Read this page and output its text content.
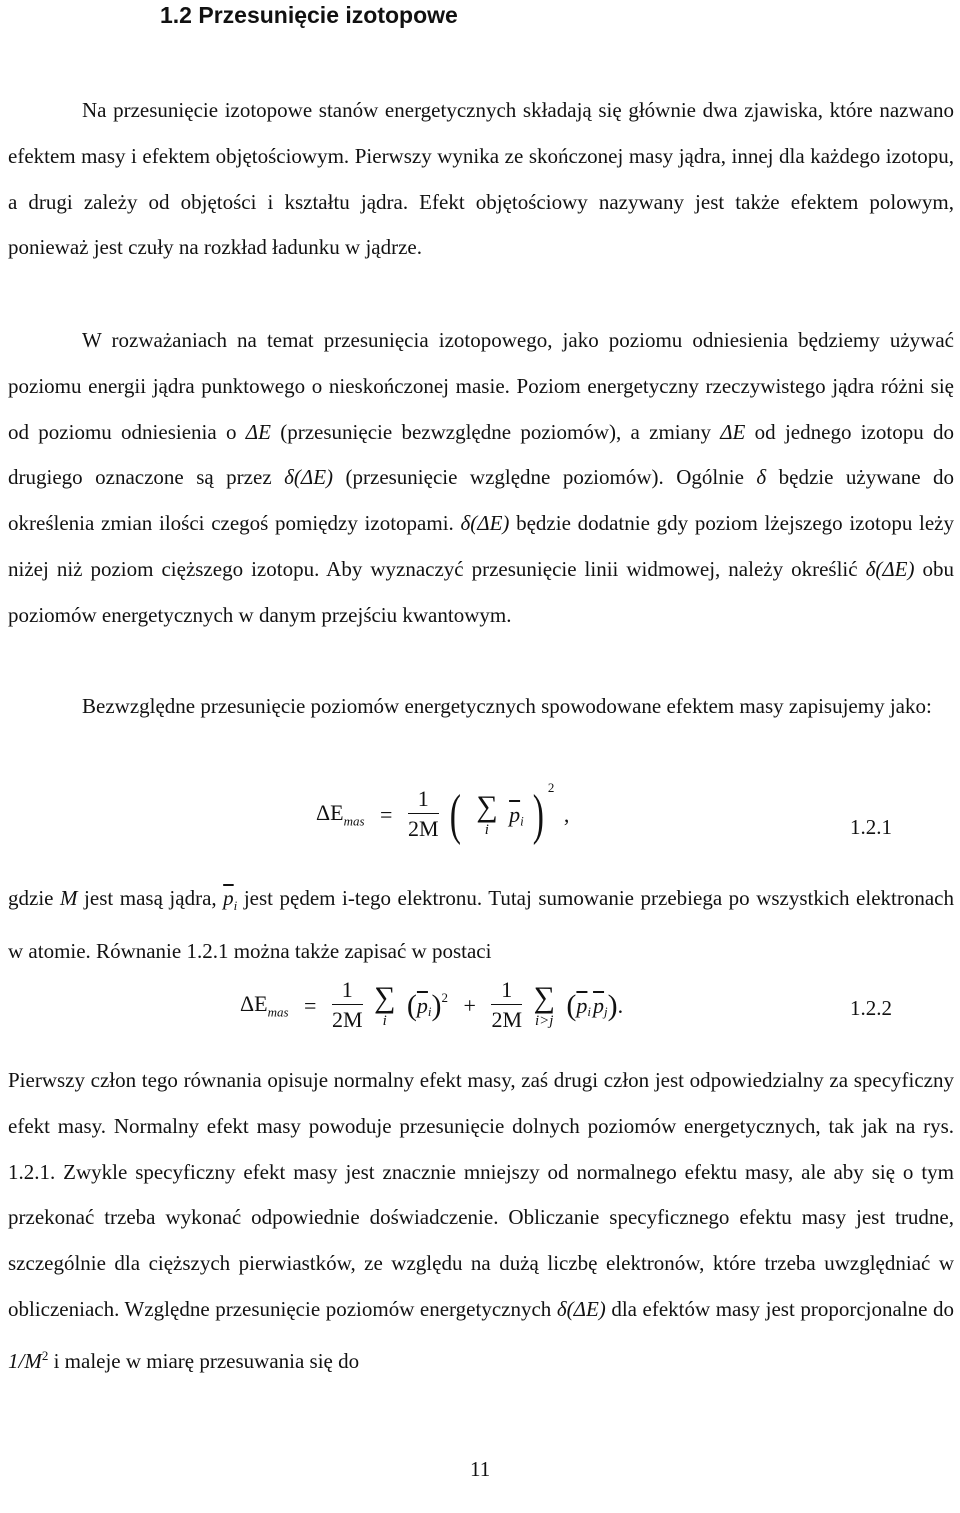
1.2 Przesunięcie izotopowe

Na przesunięcie izotopowe stanów energetycznych składają się głównie dwa zjawiska, które nazwano efektem masy i efektem objętościowym. Pierwszy wynika ze skończonej masy jądra, innej dla każdego izotopu, a drugi zależy od objętości i kształtu jądra. Efekt objętościowy nazywany jest także efektem polowym, ponieważ jest czuły na rozkład ładunku w jądrze.

W rozważaniach na temat przesunięcia izotopowego, jako poziomu odniesienia będziemy używać poziomu energii jądra punktowego o nieskończonej masie. Poziom energetyczny rzeczywistego jądra różni się od poziomu odniesienia o ΔE (przesunięcie bezwzględne poziomów), a zmiany ΔE od jednego izotopu do drugiego oznaczone są przez δ(ΔE) (przesunięcie względne poziomów). Ogólnie δ będzie używane do określenia zmian ilości czegoś pomiędzy izotopami. δ(ΔE) będzie dodatnie gdy poziom lżejszego izotopu leży niżej niż poziom cięższego izotopu. Aby wyznaczyć przesunięcie linii widmowej, należy określić δ(ΔE) obu poziomów energetycznych w danym przejściu kwantowym.

Bezwzględne przesunięcie poziomów energetycznych spowodowane efektem masy zapisujemy jako:

$\Delta E_{mas} = \frac{1}{2M}$ ( ∑
i
$\overline{p}_i$ ) $^2$ ,
1.2.1

gdzie M jest masą jądra, $\overline{p}_i$ jest pędem i-tego elektronu. Tutaj sumowanie przebiega po wszystkich elektronach w atomie. Równanie 1.2.1 można także zapisać w postaci

$\Delta E_{mas} = \frac{1}{2M}$
∑
i $(\overline{p}_i)^2 + \frac{1}{2M}$
∑
i>j $(\overline{p}_i\overline{p}_j)$.	1.2.2

Pierwszy człon tego równania opisuje normalny efekt masy, zaś drugi człon jest odpowiedzialny za specyficzny efekt masy. Normalny efekt masy powoduje przesunięcie dolnych poziomów energetycznych, tak jak na rys. 1.2.1. Zwykle specyficzny efekt masy jest znacznie mniejszy od normalnego efektu masy, ale aby się o tym przekonać trzeba wykonać odpowiednie doświadczenie. Obliczanie specyficznego efektu masy jest trudne, szczególnie dla cięższych pierwiastków, ze względu na dużą liczbę elektronów, które trzeba uwzględniać w obliczeniach. Względne przesunięcie poziomów energetycznych δ(ΔE) dla efektów masy jest proporcjonalne do $1/M^2$ i maleje w miarę przesuwania się do

11
